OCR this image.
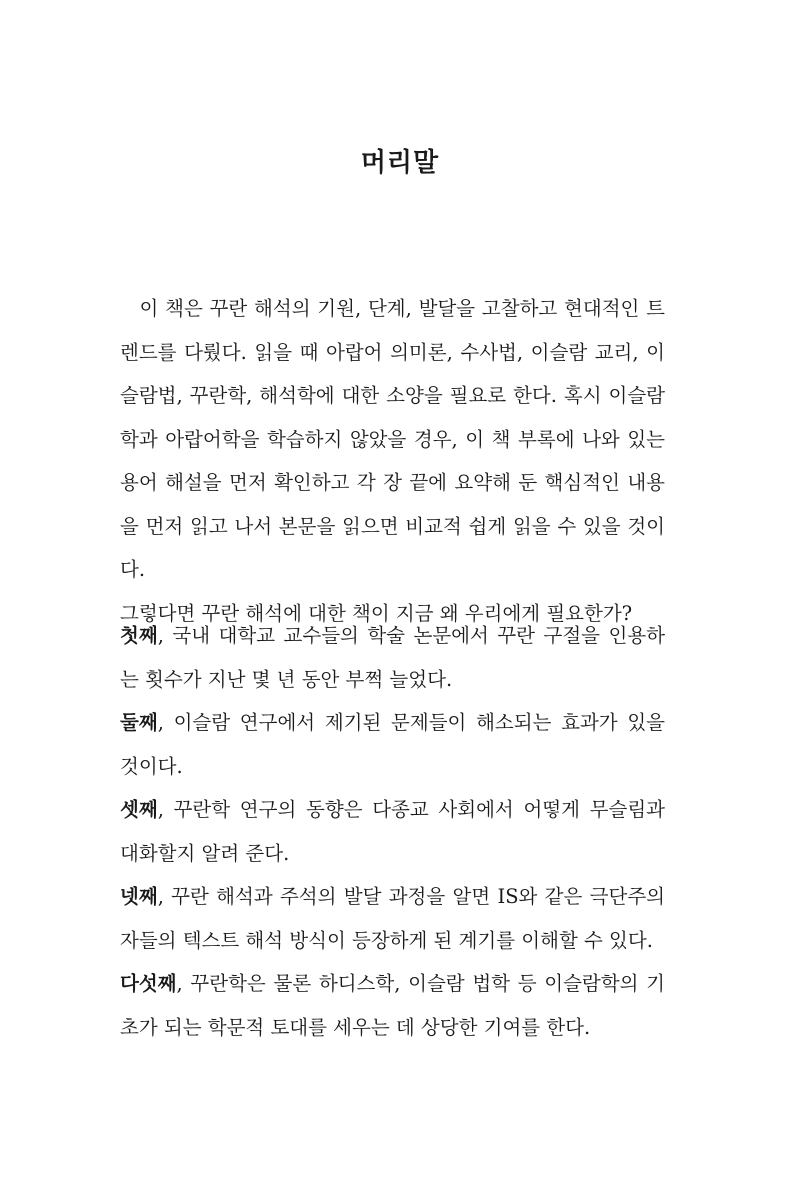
머리말

이 책은 꾸란 해석의 기원, 단계, 발달을 고찰하고 현대적인 트렌드를 다뤘다. 읽을 때 아랍어 의미론, 수사법, 이슬람 교리, 이슬람법, 꾸란학, 해석학에 대한 소양을 필요로 한다. 혹시 이슬람학과 아랍어학을 학습하지 않았을 경우, 이 책 부록에 나와 있는 용어 해설을 먼저 확인하고 각 장 끝에 요약해 둔 핵심적인 내용을 먼저 읽고 나서 본문을 읽으면 비교적 쉽게 읽을 수 있을 것이다.

그렇다면 꾸란 해석에 대한 책이 지금 왜 우리에게 필요한가?

첫째, 국내 대학교 교수들의 학술 논문에서 꾸란 구절을 인용하는 횟수가 지난 몇 년 동안 부쩍 늘었다.

둘째, 이슬람 연구에서 제기된 문제들이 해소되는 효과가 있을 것이다.

셋째, 꾸란학 연구의 동향은 다종교 사회에서 어떻게 무슬림과 대화할지 알려 준다.

넷째, 꾸란 해석과 주석의 발달 과정을 알면 IS와 같은 극단주의자들의 텍스트 해석 방식이 등장하게 된 계기를 이해할 수 있다.

다섯째, 꾸란학은 물론 하디스학, 이슬람 법학 등 이슬람학의 기초가 되는 학문적 토대를 세우는 데 상당한 기여를 한다.
